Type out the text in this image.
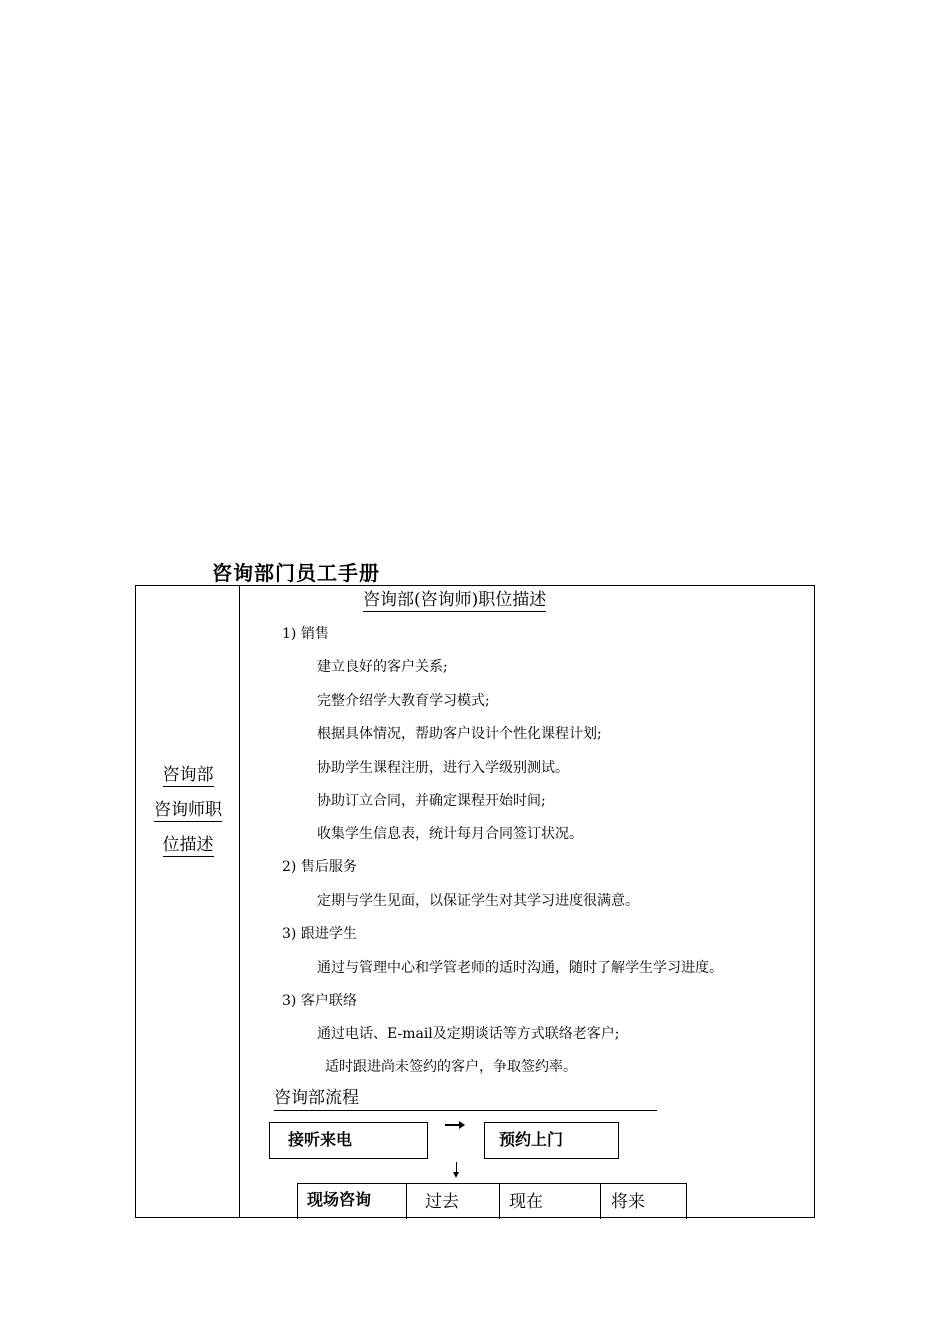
咨询部门员工手册
咨询部
咨询师职
位描述
咨询部(咨询师)职位描述
1) 销售
建立良好的客户关系;
完整介绍学大教育学习模式;
根据具体情况，帮助客户设计个性化课程计划;
协助学生课程注册，进行入学级别测试。
协助订立合同，并确定课程开始时间;
收集学生信息表，统计每月合同签订状况。
2) 售后服务
定期与学生见面，以保证学生对其学习进度很满意。
3) 跟进学生
通过与管理中心和学管老师的适时沟通，随时了解学生学习进度。
3) 客户联络
通过电话、E-mail及定期谈话等方式联络老客户;
适时跟进尚未签约的客户，争取签约率。
咨询部流程
接听来电	预约上门
现场咨询	过去	现在	将来
